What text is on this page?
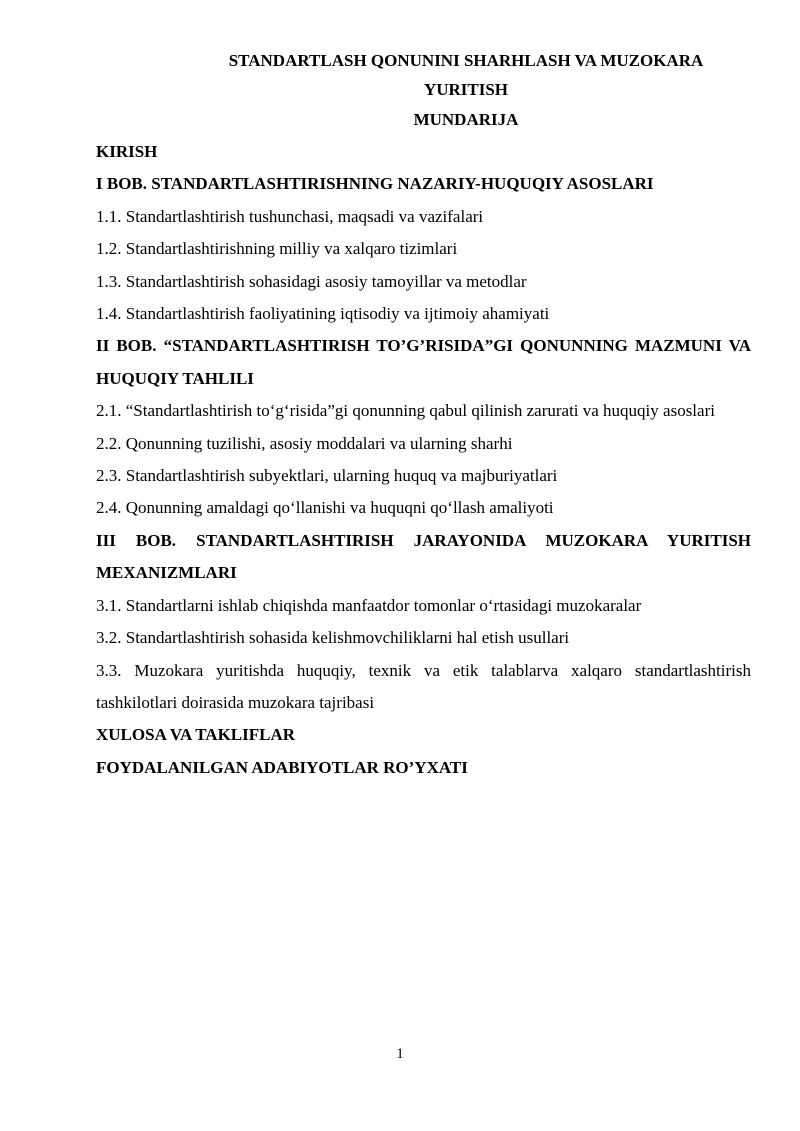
STANDARTLASH QONUNINI SHARHLASH VA MUZOKARA
YURITISH
MUNDARIJA

KIRISH

I BOB. STANDARTLASHTIRISHNING NAZARIY-HUQUQIY ASOSLARI

1.1. Standartlashtirish tushunchasi, maqsadi va vazifalari

1.2. Standartlashtirishning milliy va xalqaro tizimlari

1.3. Standartlashtirish sohasidagi asosiy tamoyillar va metodlar

1.4. Standartlashtirish faoliyatining iqtisodiy va ijtimoiy ahamiyati

II BOB. “STANDARTLASHTIRISH TO’G’RISIDA”GI QONUNNING MAZMUNI VA HUQUQIY TAHLILI

2.1. “Standartlashtirish to‘g‘risida”gi qonunning qabul qilinish zarurati va huquqiy asoslari

2.2. Qonunning tuzilishi, asosiy moddalari va ularning sharhi

2.3. Standartlashtirish subyektlari, ularning huquq va majburiyatlari

2.4. Qonunning amaldagi qo‘llanishi va huquqni qo‘llash amaliyoti

III BOB. STANDARTLASHTIRISH JARAYONIDA MUZOKARA YURITISH MEXANIZMLARI

3.1. Standartlarni ishlab chiqishda manfaatdor tomonlar o‘rtasidagi muzokaralar

3.2. Standartlashtirish sohasida kelishmovchiliklarni hal etish usullari

3.3. Muzokara yuritishda huquqiy, texnik va etik talablarva xalqaro standartlashtirish tashkilotlari doirasida muzokara tajribasi

XULOSA VA TAKLIFLAR

FOYDALANILGAN ADABIYOTLAR RO’YXATI

1
